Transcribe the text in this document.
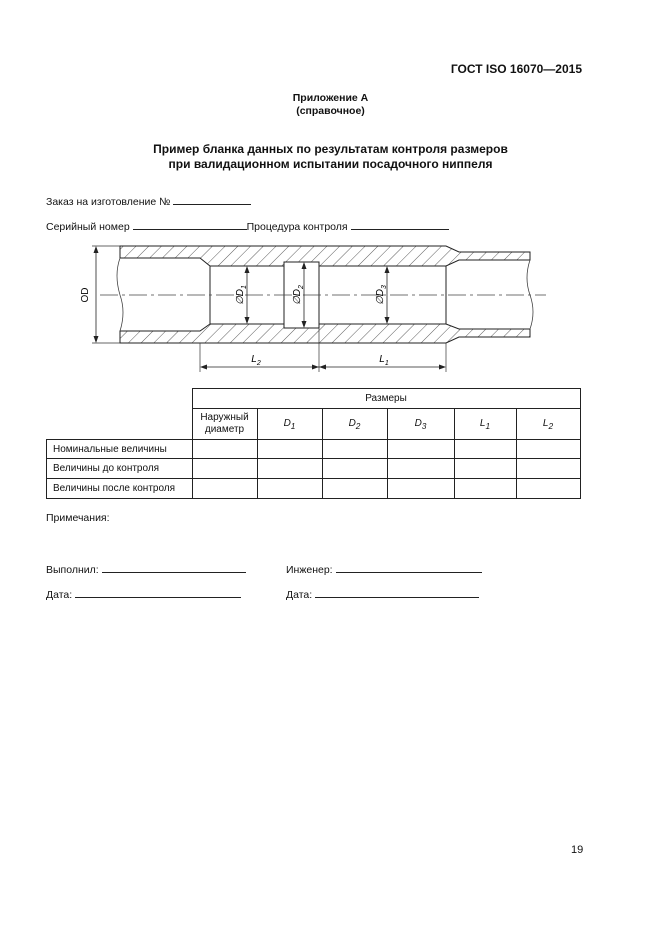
ГОСТ ISO 16070—2015
Приложение А
(справочное)
Пример бланка данных по результатам контроля размеров
при валидационном испытании посадочного ниппеля
Заказ на изготовление №
Серийный номер	Процедура контроля
OD	$\emptyset D_1$
$\emptyset D_2$
$\emptyset D_3$
$L_2$	$L_1$
	Размеры					

	Наружный
диаметр	$D_1$	$D_2$	$D_3$	$L_1$	$L_2$
Номинальные величины						
Величины до контроля						
Величины после контроля						
Примечания:
Выполнил:	Инженер:
Дата:	Дата:
19
